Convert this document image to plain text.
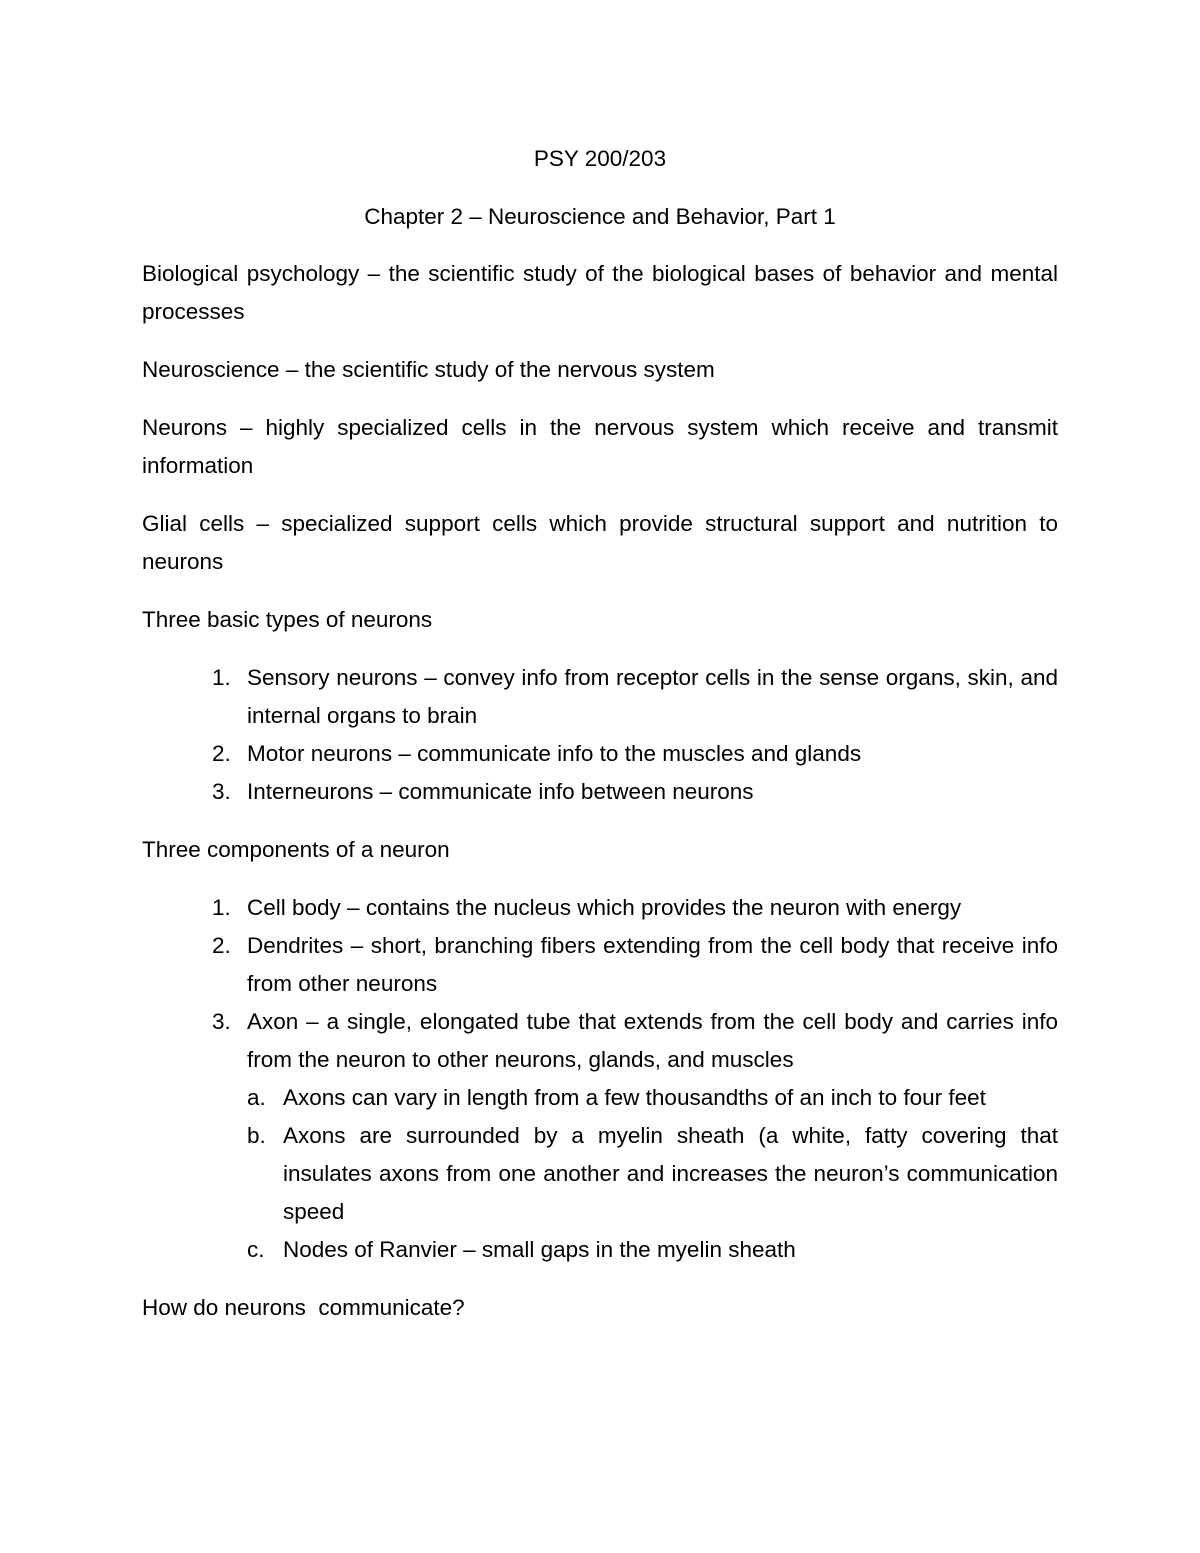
PSY 200/203

Chapter 2 – Neuroscience and Behavior, Part 1

Biological psychology – the scientific study of the biological bases of behavior and mental processes

Neuroscience – the scientific study of the nervous system

Neurons – highly specialized cells in the nervous system which receive and transmit information

Glial cells – specialized support cells which provide structural support and nutrition to neurons

Three basic types of neurons

1. Sensory neurons – convey info from receptor cells in the sense organs, skin, and internal organs to brain
2. Motor neurons – communicate info to the muscles and glands
3. Interneurons – communicate info between neurons

Three components of a neuron

1. Cell body – contains the nucleus which provides the neuron with energy
2. Dendrites – short, branching fibers extending from the cell body that receive info from other neurons
3. Axon – a single, elongated tube that extends from the cell body and carries info from the neuron to other neurons, glands, and muscles
a. Axons can vary in length from a few thousandths of an inch to four feet
b. Axons are surrounded by a myelin sheath (a white, fatty covering that insulates axons from one another and increases the neuron’s communication speed
c. Nodes of Ranvier – small gaps in the myelin sheath

How do neurons  communicate?
